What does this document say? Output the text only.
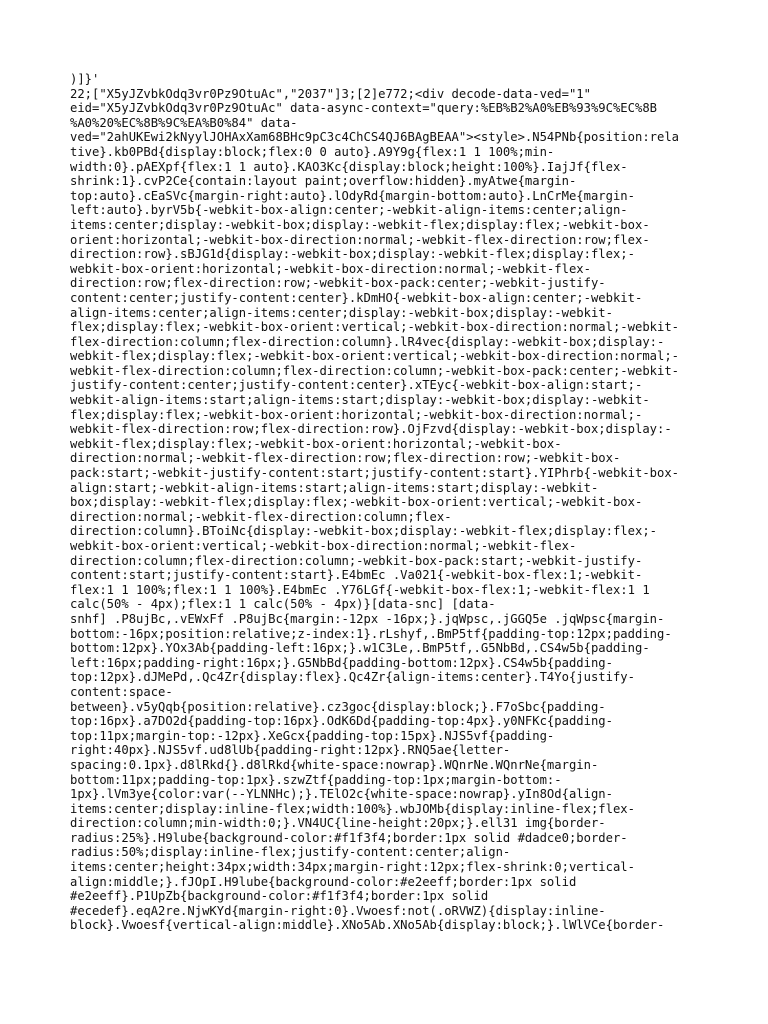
)]}'
22;["X5yJZvbkOdq3vr0Pz9OtuAc","2037"]3;[2]e772;<div decode-data-ved="1"
eid="X5yJZvbkOdq3vr0Pz9OtuAc" data-async-context="query:%EB%B2%A0%EB%93%9C%EC%8B
%A0%20%EC%8B%9C%EA%B0%84" data-
ved="2ahUKEwi2kNyylJOHAxXam68BHc9pC3c4ChCS4QJ6BAgBEAA"><style>.N54PNb{position:rela
tive}.kb0PBd{display:block;flex:0 0 auto}.A9Y9g{flex:1 1 100%;min-
width:0}.pAEXpf{flex:1 1 auto}.KAO3Kc{display:block;height:100%}.IajJf{flex-
shrink:1}.cvP2Ce{contain:layout paint;overflow:hidden}.myAtwe{margin-
top:auto}.cEaSVc{margin-right:auto}.lOdyRd{margin-bottom:auto}.LnCrMe{margin-
left:auto}.byrV5b{-webkit-box-align:center;-webkit-align-items:center;align-
items:center;display:-webkit-box;display:-webkit-flex;display:flex;-webkit-box-
orient:horizontal;-webkit-box-direction:normal;-webkit-flex-direction:row;flex-
direction:row}.sBJG1d{display:-webkit-box;display:-webkit-flex;display:flex;-
webkit-box-orient:horizontal;-webkit-box-direction:normal;-webkit-flex-
direction:row;flex-direction:row;-webkit-box-pack:center;-webkit-justify-
content:center;justify-content:center}.kDmHO{-webkit-box-align:center;-webkit-
align-items:center;align-items:center;display:-webkit-box;display:-webkit-
flex;display:flex;-webkit-box-orient:vertical;-webkit-box-direction:normal;-webkit-
flex-direction:column;flex-direction:column}.lR4vec{display:-webkit-box;display:-
webkit-flex;display:flex;-webkit-box-orient:vertical;-webkit-box-direction:normal;-
webkit-flex-direction:column;flex-direction:column;-webkit-box-pack:center;-webkit-
justify-content:center;justify-content:center}.xTEyc{-webkit-box-align:start;-
webkit-align-items:start;align-items:start;display:-webkit-box;display:-webkit-
flex;display:flex;-webkit-box-orient:horizontal;-webkit-box-direction:normal;-
webkit-flex-direction:row;flex-direction:row}.OjFzvd{display:-webkit-box;display:-
webkit-flex;display:flex;-webkit-box-orient:horizontal;-webkit-box-
direction:normal;-webkit-flex-direction:row;flex-direction:row;-webkit-box-
pack:start;-webkit-justify-content:start;justify-content:start}.YIPhrb{-webkit-box-
align:start;-webkit-align-items:start;align-items:start;display:-webkit-
box;display:-webkit-flex;display:flex;-webkit-box-orient:vertical;-webkit-box-
direction:normal;-webkit-flex-direction:column;flex-
direction:column}.BToiNc{display:-webkit-box;display:-webkit-flex;display:flex;-
webkit-box-orient:vertical;-webkit-box-direction:normal;-webkit-flex-
direction:column;flex-direction:column;-webkit-box-pack:start;-webkit-justify-
content:start;justify-content:start}.E4bmEc .Va021{-webkit-box-flex:1;-webkit-
flex:1 1 100%;flex:1 1 100%}.E4bmEc .Y76LGf{-webkit-box-flex:1;-webkit-flex:1 1
calc(50% - 4px);flex:1 1 calc(50% - 4px)}[data-snc] [data-
snhf] .P8ujBc,.vEWxFf .P8ujBc{margin:-12px -16px;}.jqWpsc,.jGGQ5e .jqWpsc{margin-
bottom:-16px;position:relative;z-index:1}.rLshyf,.BmP5tf{padding-top:12px;padding-
bottom:12px}.YOx3Ab{padding-left:16px;}.w1C3Le,.BmP5tf,.G5NbBd,.CS4w5b{padding-
left:16px;padding-right:16px;}.G5NbBd{padding-bottom:12px}.CS4w5b{padding-
top:12px}.dJMePd,.Qc4Zr{display:flex}.Qc4Zr{align-items:center}.T4Yo{justify-
content:space-
between}.v5yQqb{position:relative}.cz3goc{display:block;}.F7oSbc{padding-
top:16px}.a7DO2d{padding-top:16px}.OdK6Dd{padding-top:4px}.y0NFKc{padding-
top:11px;margin-top:-12px}.XeGcx{padding-top:15px}.NJS5vf{padding-
right:40px}.NJS5vf.ud8lUb{padding-right:12px}.RNQ5ae{letter-
spacing:0.1px}.d8lRkd{}.d8lRkd{white-space:nowrap}.WQnrNe.WQnrNe{margin-
bottom:11px;padding-top:1px}.szwZtf{padding-top:1px;margin-bottom:-
1px}.lVm3ye{color:var(--YLNNHc);}.TElO2c{white-space:nowrap}.yIn8Od{align-
items:center;display:inline-flex;width:100%}.wbJOMb{display:inline-flex;flex-
direction:column;min-width:0;}.VN4UC{line-height:20px;}.ell31 img{border-
radius:25%}.H9lube{background-color:#f1f3f4;border:1px solid #dadce0;border-
radius:50%;display:inline-flex;justify-content:center;align-
items:center;height:34px;width:34px;margin-right:12px;flex-shrink:0;vertical-
align:middle;}.fJOpI.H9lube{background-color:#e2eeff;border:1px solid
#e2eeff}.P1UpZb{background-color:#f1f3f4;border:1px solid
#ecedef}.eqA2re.NjwKYd{margin-right:0}.Vwoesf:not(.oRVWZ){display:inline-
block}.Vwoesf{vertical-align:middle}.XNo5Ab.XNo5Ab{display:block;}.lWlVCe{border-
